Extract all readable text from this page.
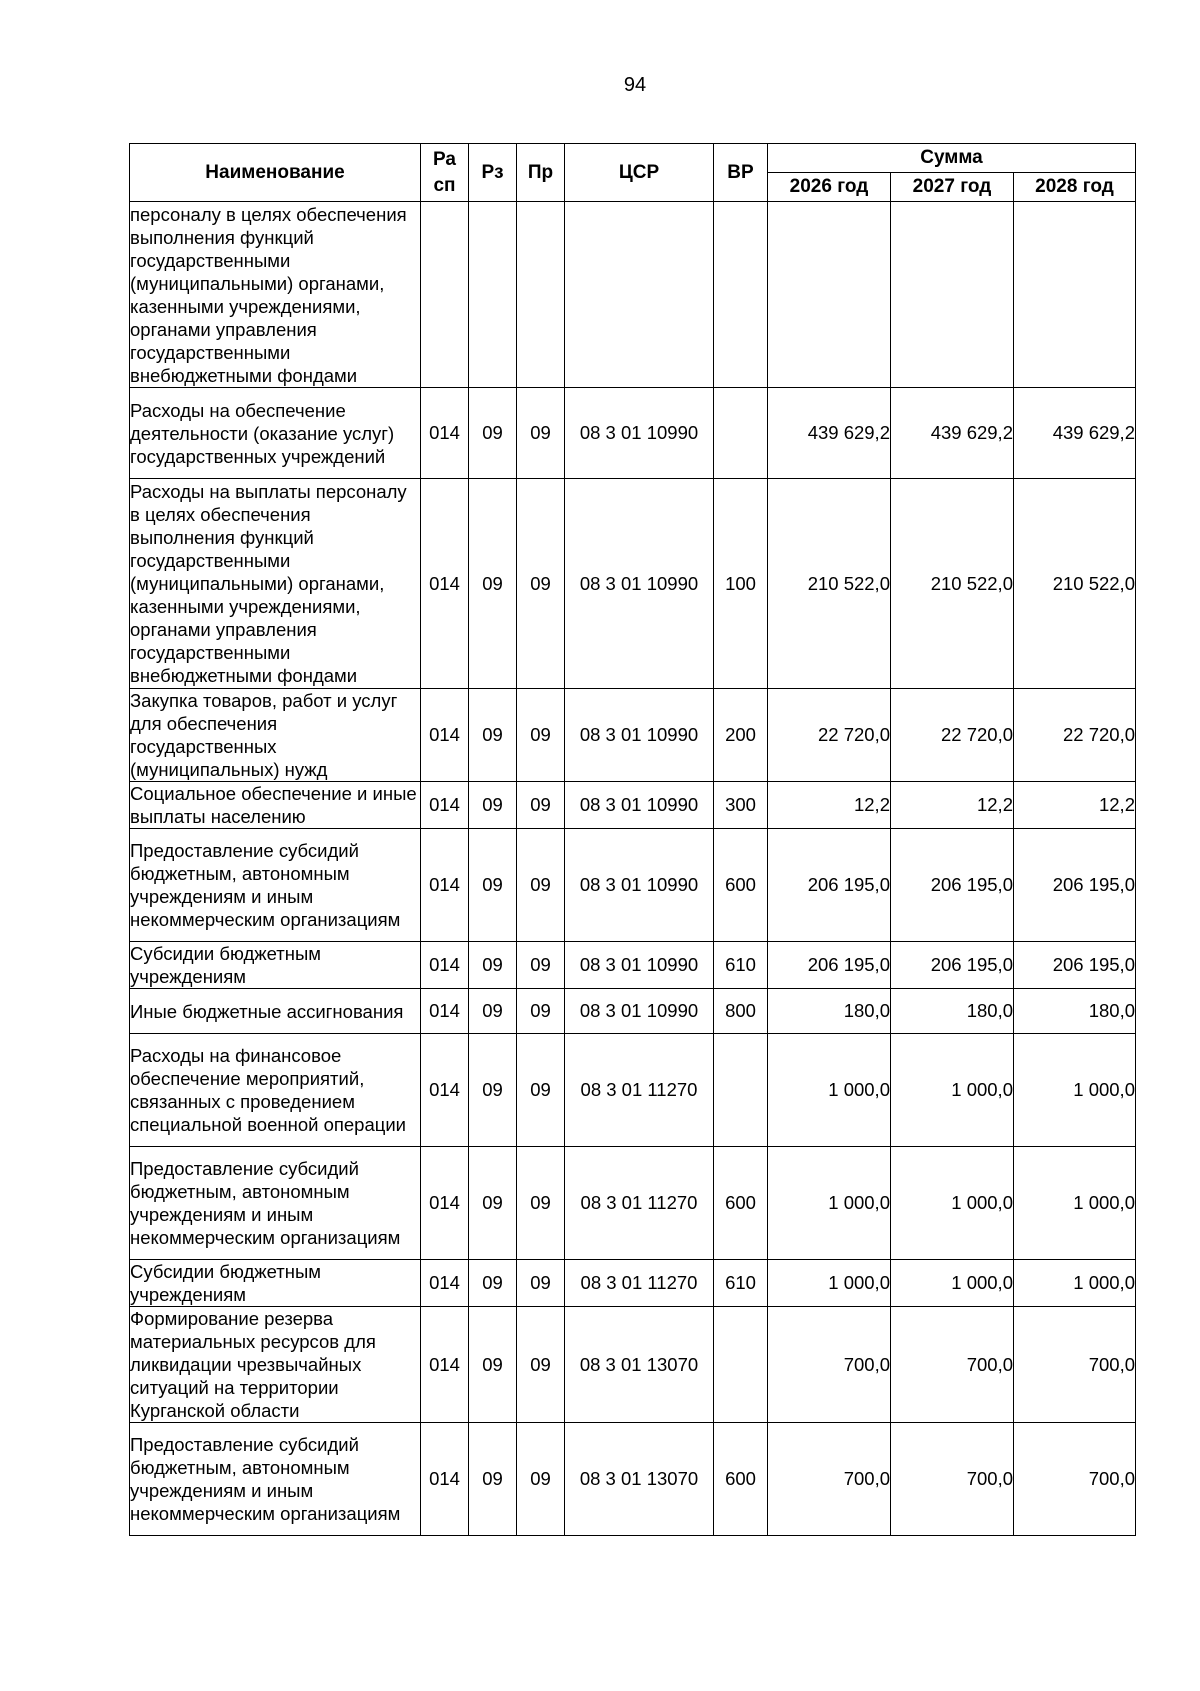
94
Наименование	Ра сп	Рз	Пр	ЦСР	ВР	Сумма		
						2026 год	2027 год	2028 год
персоналу в целях обеспечения выполнения функций государственными (муниципальными) органами, казенными учреждениями, органами управления государственными внебюджетными фондами								
Расходы на обеспечение деятельности (оказание услуг) государственных учреждений	014	09	09	08 3 01 10990		439 629,2	439 629,2	439 629,2
Расходы на выплаты персоналу в целях обеспечения выполнения функций государственными (муниципальными) органами, казенными учреждениями, органами управления государственными внебюджетными фондами	014	09	09	08 3 01 10990	100	210 522,0	210 522,0	210 522,0
Закупка товаров, работ и услуг для обеспечения государственных (муниципальных) нужд	014	09	09	08 3 01 10990	200	22 720,0	22 720,0	22 720,0
Социальное обеспечение и иные выплаты населению	014	09	09	08 3 01 10990	300	12,2	12,2	12,2
Предоставление субсидий бюджетным, автономным учреждениям и иным некоммерческим организациям	014	09	09	08 3 01 10990	600	206 195,0	206 195,0	206 195,0
Субсидии бюджетным учреждениям	014	09	09	08 3 01 10990	610	206 195,0	206 195,0	206 195,0
Иные бюджетные ассигнования	014	09	09	08 3 01 10990	800	180,0	180,0	180,0
Расходы на финансовое обеспечение мероприятий, связанных с проведением специальной военной операции	014	09	09	08 3 01 11270		1 000,0	1 000,0	1 000,0
Предоставление субсидий бюджетным, автономным учреждениям и иным некоммерческим организациям	014	09	09	08 3 01 11270	600	1 000,0	1 000,0	1 000,0
Субсидии бюджетным учреждениям	014	09	09	08 3 01 11270	610	1 000,0	1 000,0	1 000,0
Формирование резерва материальных ресурсов для ликвидации чрезвычайных ситуаций на территории Курганской области	014	09	09	08 3 01 13070		700,0	700,0	700,0
Предоставление субсидий бюджетным, автономным учреждениям и иным некоммерческим организациям	014	09	09	08 3 01 13070	600	700,0	700,0	700,0
